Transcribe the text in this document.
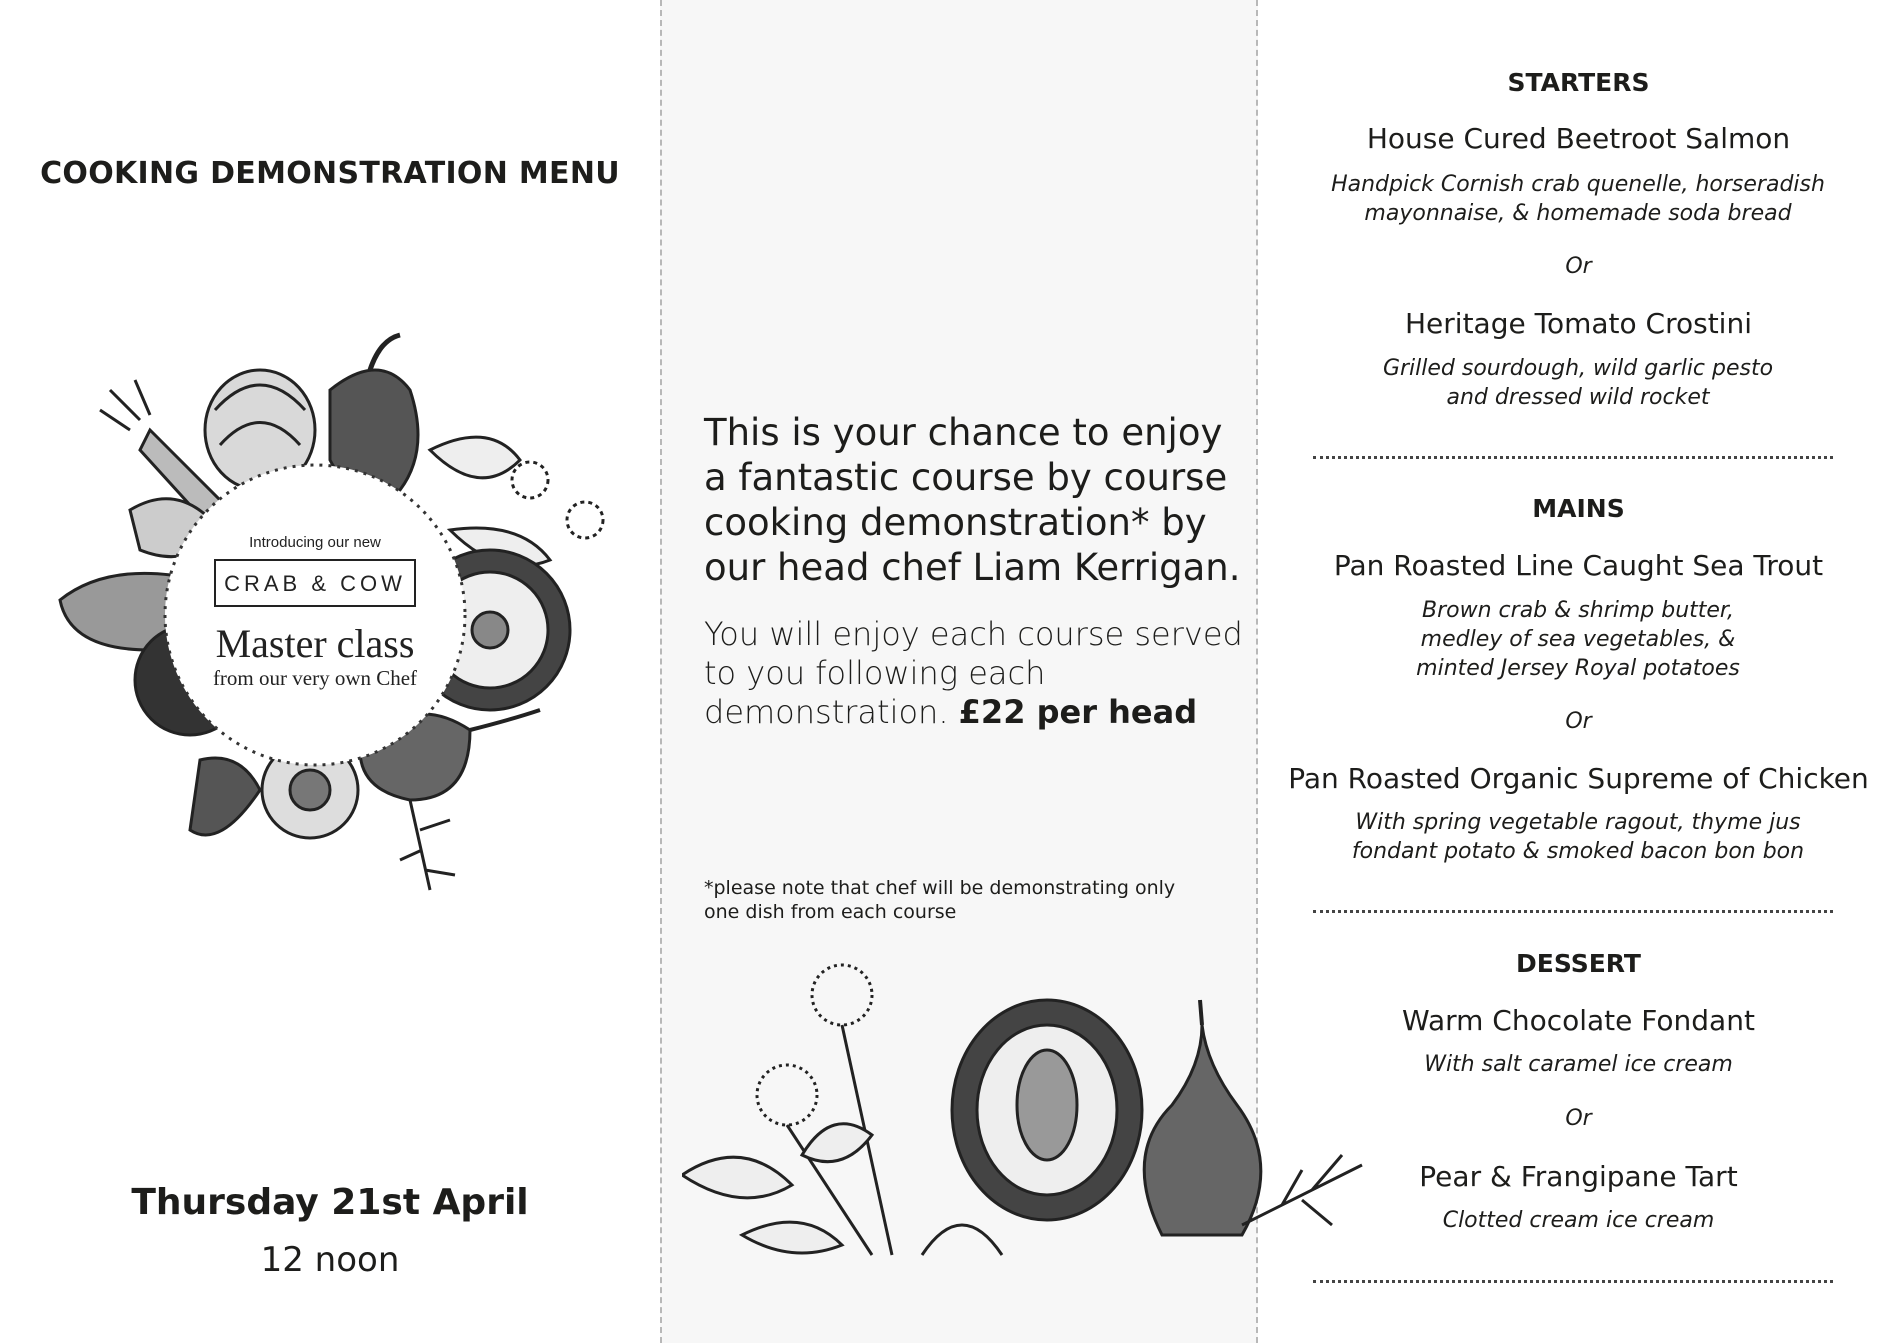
COOKING DEMONSTRATION MENU
Introducing our new
CRAB & COW
Master class
from our very own Chef
Thursday 21st April
12 noon
This is your chance to enjoy a fantastic course by course cooking demonstration* by our head chef Liam Kerrigan.
You will enjoy each course served to you following each demonstration. £22 per head
*please note that chef will be demonstrating only one dish from each course
STARTERS
House Cured Beetroot Salmon
Handpick Cornish crab quenelle, horseradish mayonnaise, & homemade soda bread
Or
Heritage Tomato Crostini
Grilled sourdough, wild garlic pesto and dressed wild rocket
MAINS
Pan Roasted Line Caught Sea Trout
Brown crab & shrimp butter, medley of sea vegetables, & minted Jersey Royal potatoes
Or
Pan Roasted Organic Supreme of Chicken
With spring vegetable ragout, thyme jus fondant potato & smoked bacon bon bon
DESSERT
Warm Chocolate Fondant
With salt caramel ice cream
Or
Pear & Frangipane Tart
Clotted cream ice cream
